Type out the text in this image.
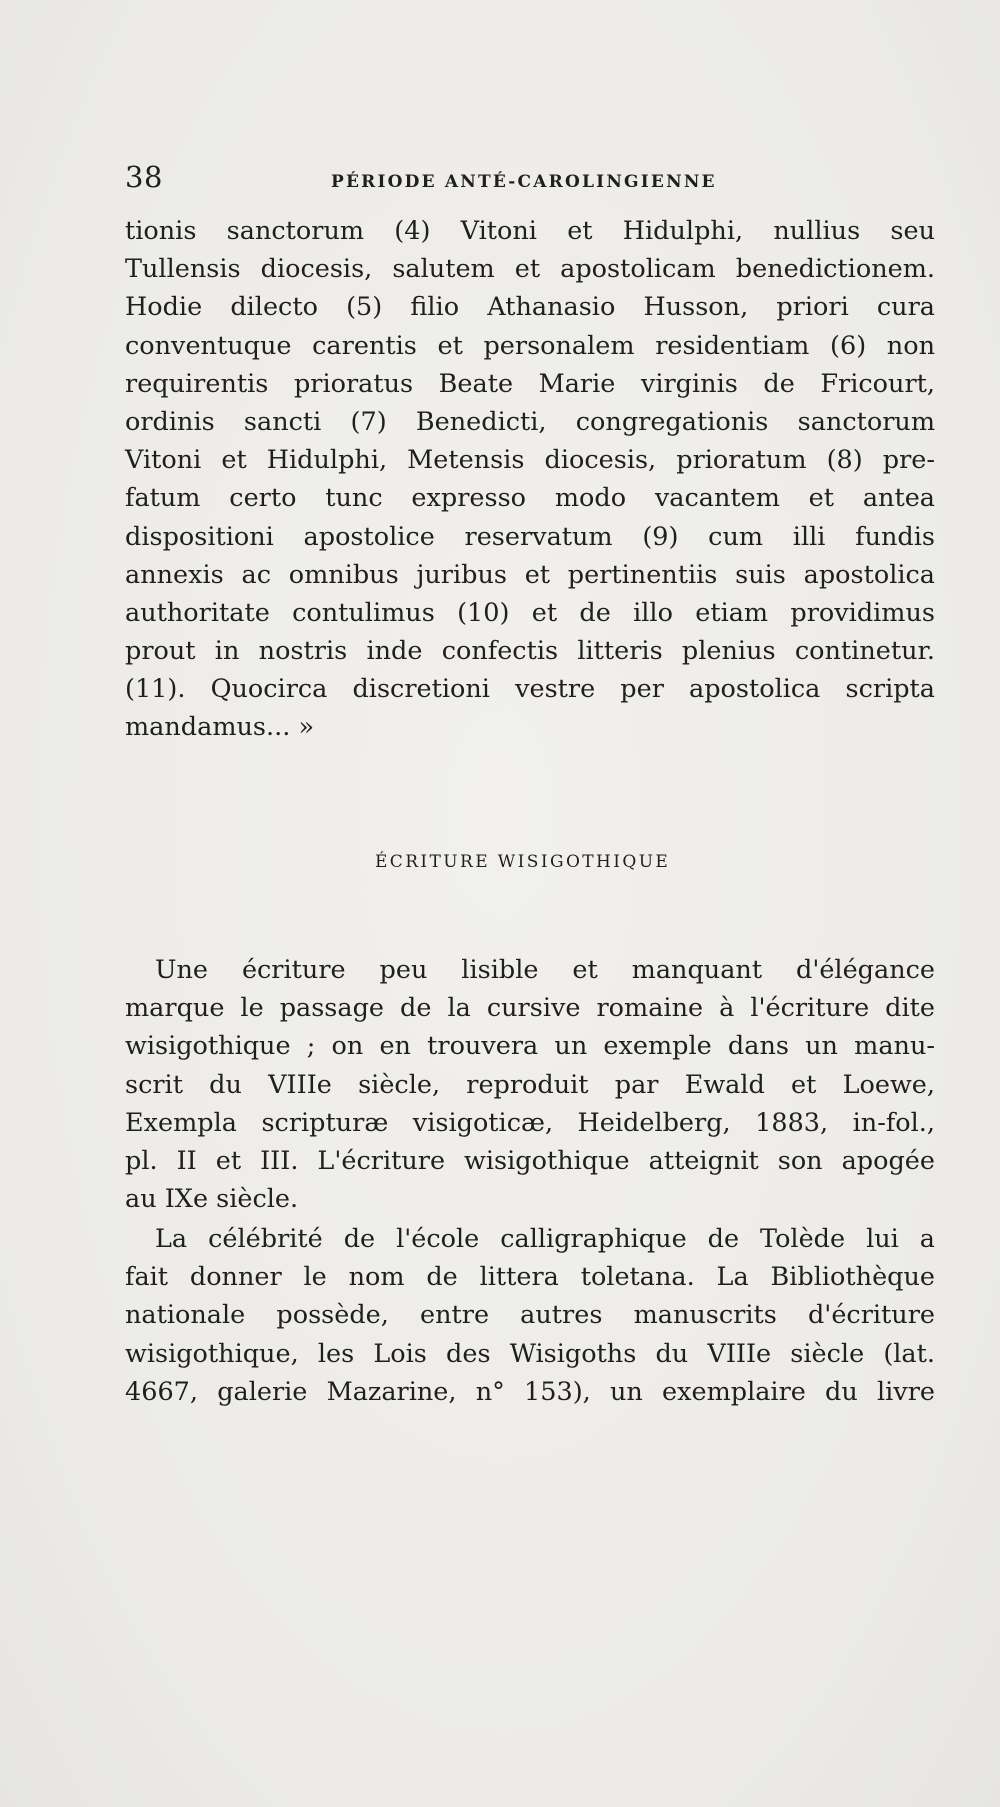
38	PÉRIODE ANTÉ-CAROLINGIENNE
tionis sanctorum (4) Vitoni et Hidulphi, nullius seu
Tullensis diocesis, salutem et apostolicam benedictionem.
Hodie dilecto (5) filio Athanasio Husson, priori cura
conventuque carentis et personalem residentiam (6) non
requirentis prioratus Beate Marie virginis de Fricourt,
ordinis sancti (7) Benedicti, congregationis sanctorum
Vitoni et Hidulphi, Metensis diocesis, prioratum (8) pre-
fatum certo tunc expresso modo vacantem et antea
dispositioni apostolice reservatum (9) cum illi fundis
annexis ac omnibus juribus et pertinentiis suis apostolica
authoritate contulimus (10) et de illo etiam providimus
prout in nostris inde confectis litteris plenius continetur.
(11). Quocirca discretioni vestre per apostolica scripta
mandamus... »
ÉCRITURE WISIGOTHIQUE
Une écriture peu lisible et manquant d'élégance
marque le passage de la cursive romaine à l'écriture dite
wisigothique ; on en trouvera un exemple dans un manu-
scrit du VIIIe siècle, reproduit par Ewald et Loewe,
Exempla scripturæ visigoticæ, Heidelberg, 1883, in-fol.,
pl. II et III. L'écriture wisigothique atteignit son apogée
au IXe siècle.
La célébrité de l'école calligraphique de Tolède lui a
fait donner le nom de littera toletana. La Bibliothèque
nationale possède, entre autres manuscrits d'écriture
wisigothique, les Lois des Wisigoths du VIIIe siècle (lat.
4667, galerie Mazarine, n° 153), un exemplaire du livre
